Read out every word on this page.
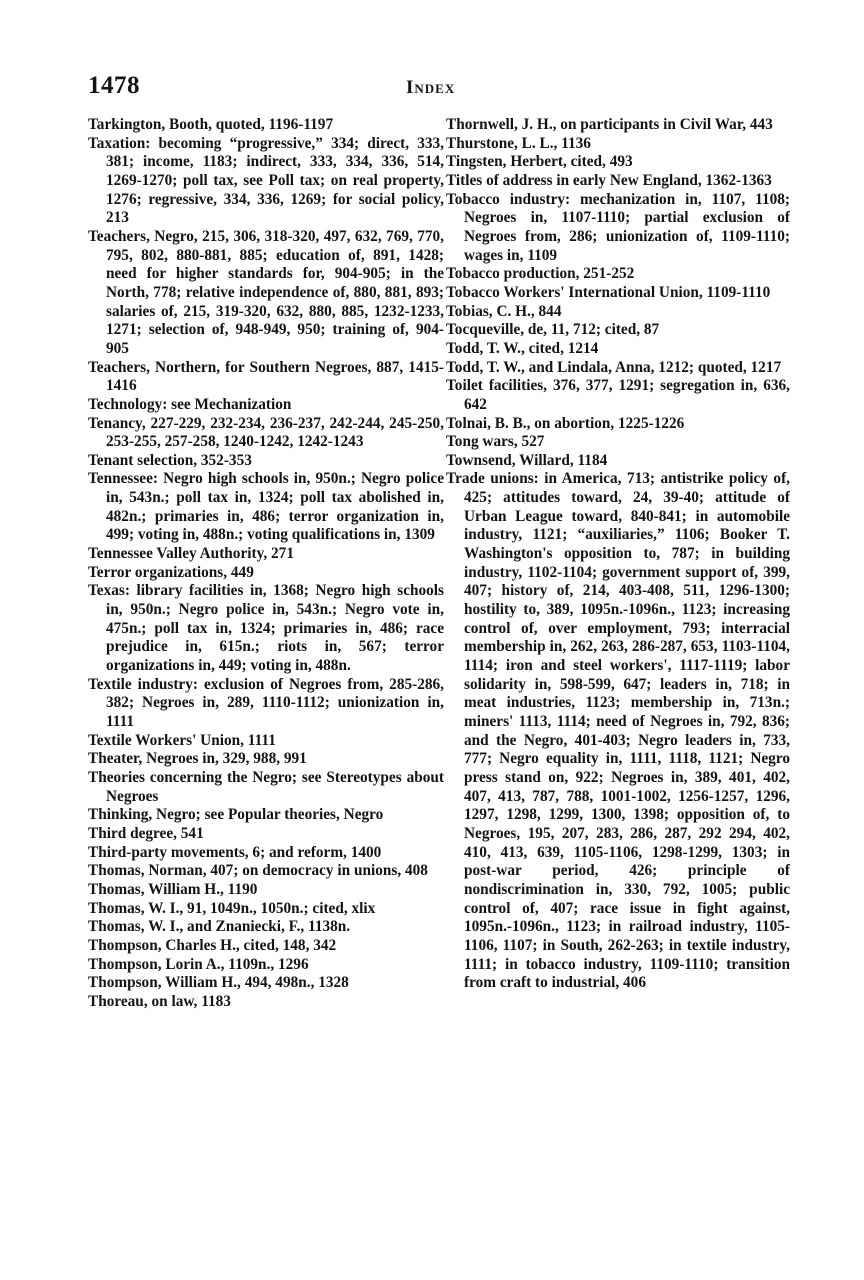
1478	Index
Tarkington, Booth, quoted, 1196-1197
Taxation: becoming “progressive,” 334; direct, 333, 381; income, 1183; indirect, 333, 334, 336, 514, 1269-1270; poll tax, see Poll tax; on real property, 1276; regressive, 334, 336, 1269; for social policy, 213
Teachers, Negro, 215, 306, 318-320, 497, 632, 769, 770, 795, 802, 880-881, 885; education of, 891, 1428; need for higher standards for, 904-905; in the North, 778; relative independence of, 880, 881, 893; salaries of, 215, 319-320, 632, 880, 885, 1232-1233, 1271; selection of, 948-949, 950; training of, 904-905
Teachers, Northern, for Southern Negroes, 887, 1415-1416
Technology: see Mechanization
Tenancy, 227-229, 232-234, 236-237, 242-244, 245-250, 253-255, 257-258, 1240-1242, 1242-1243
Tenant selection, 352-353
Tennessee: Negro high schools in, 950n.; Negro police in, 543n.; poll tax in, 1324; poll tax abolished in, 482n.; primaries in, 486; terror organization in, 499; voting in, 488n.; voting qualifications in, 1309
Tennessee Valley Authority, 271
Terror organizations, 449
Texas: library facilities in, 1368; Negro high schools in, 950n.; Negro police in, 543n.; Negro vote in, 475n.; poll tax in, 1324; primaries in, 486; race prejudice in, 615n.; riots in, 567; terror organizations in, 449; voting in, 488n.
Textile industry: exclusion of Negroes from, 285-286, 382; Negroes in, 289, 1110-1112; unionization in, 1111
Textile Workers' Union, 1111
Theater, Negroes in, 329, 988, 991
Theories concerning the Negro; see Stereotypes about Negroes
Thinking, Negro; see Popular theories, Negro
Third degree, 541
Third-party movements, 6; and reform, 1400
Thomas, Norman, 407; on democracy in unions, 408
Thomas, William H., 1190
Thomas, W. I., 91, 1049n., 1050n.; cited, xlix
Thomas, W. I., and Znaniecki, F., 1138n.
Thompson, Charles H., cited, 148, 342
Thompson, Lorin A., 1109n., 1296
Thompson, William H., 494, 498n., 1328
Thoreau, on law, 1183
Thornwell, J. H., on participants in Civil War, 443
Thurstone, L. L., 1136
Tingsten, Herbert, cited, 493
Titles of address in early New England, 1362-1363
Tobacco industry: mechanization in, 1107, 1108; Negroes in, 1107-1110; partial exclusion of Negroes from, 286; unionization of, 1109-1110; wages in, 1109
Tobacco production, 251-252
Tobacco Workers' International Union, 1109-1110
Tobias, C. H., 844
Tocqueville, de, 11, 712; cited, 87
Todd, T. W., cited, 1214
Todd, T. W., and Lindala, Anna, 1212; quoted, 1217
Toilet facilities, 376, 377, 1291; segregation in, 636, 642
Tolnai, B. B., on abortion, 1225-1226
Tong wars, 527
Townsend, Willard, 1184
Trade unions: in America, 713; antistrike policy of, 425; attitudes toward, 24, 39-40; attitude of Urban League toward, 840-841; in automobile industry, 1121; “auxiliaries,” 1106; Booker T. Washington's opposition to, 787; in building industry, 1102-1104; government support of, 399, 407; history of, 214, 403-408, 511, 1296-1300; hostility to, 389, 1095n.-1096n., 1123; increasing control of, over employment, 793; interracial membership in, 262, 263, 286-287, 653, 1103-1104, 1114; iron and steel workers', 1117-1119; labor solidarity in, 598-599, 647; leaders in, 718; in meat industries, 1123; membership in, 713n.; miners' 1113, 1114; need of Negroes in, 792, 836; and the Negro, 401-403; Negro leaders in, 733, 777; Negro equality in, 1111, 1118, 1121; Negro press stand on, 922; Negroes in, 389, 401, 402, 407, 413, 787, 788, 1001-1002, 1256-1257, 1296, 1297, 1298, 1299, 1300, 1398; opposition of, to Negroes, 195, 207, 283, 286, 287, 292 294, 402, 410, 413, 639, 1105-1106, 1298-1299, 1303; in post-war period, 426; principle of nondiscrimination in, 330, 792, 1005; public control of, 407; race issue in fight against, 1095n.-1096n., 1123; in railroad industry, 1105-1106, 1107; in South, 262-263; in textile industry, 1111; in tobacco industry, 1109-1110; transition from craft to industrial, 406
